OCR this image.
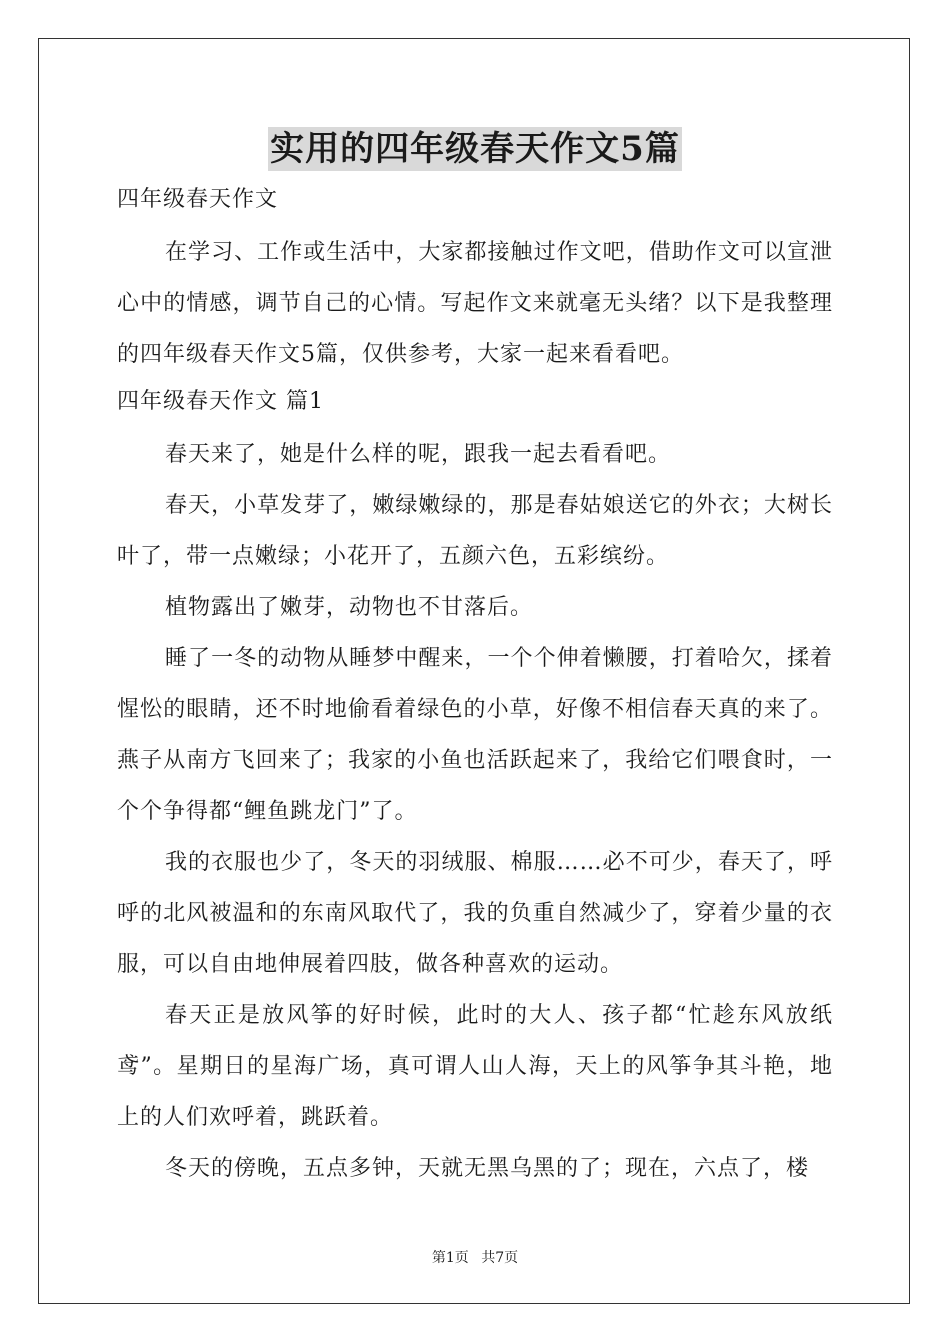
实用的四年级春天作文5篇

四年级春天作文

在学习、工作或生活中，大家都接触过作文吧，借助作文可以宣泄心中的情感，调节自己的心情。写起作文来就毫无头绪？以下是我整理的四年级春天作文5篇，仅供参考，大家一起来看看吧。

四年级春天作文 篇1

春天来了，她是什么样的呢，跟我一起去看看吧。

春天，小草发芽了，嫩绿嫩绿的，那是春姑娘送它的外衣；大树长叶了，带一点嫩绿；小花开了，五颜六色，五彩缤纷。

植物露出了嫩芽，动物也不甘落后。

睡了一冬的动物从睡梦中醒来，一个个伸着懒腰，打着哈欠，揉着惺忪的眼睛，还不时地偷看着绿色的小草，好像不相信春天真的来了。燕子从南方飞回来了；我家的小鱼也活跃起来了，我给它们喂食时，一个个争得都“鲤鱼跳龙门”了。

我的衣服也少了，冬天的羽绒服、棉服……必不可少，春天了，呼呼的北风被温和的东南风取代了，我的负重自然减少了，穿着少量的衣服，可以自由地伸展着四肢，做各种喜欢的运动。

春天正是放风筝的好时候，此时的大人、孩子都“忙趁东风放纸鸢”。星期日的星海广场，真可谓人山人海，天上的风筝争其斗艳，地上的人们欢呼着，跳跃着。

冬天的傍晚，五点多钟，天就无黑乌黑的了；现在，六点了，楼

第1页 共7页
